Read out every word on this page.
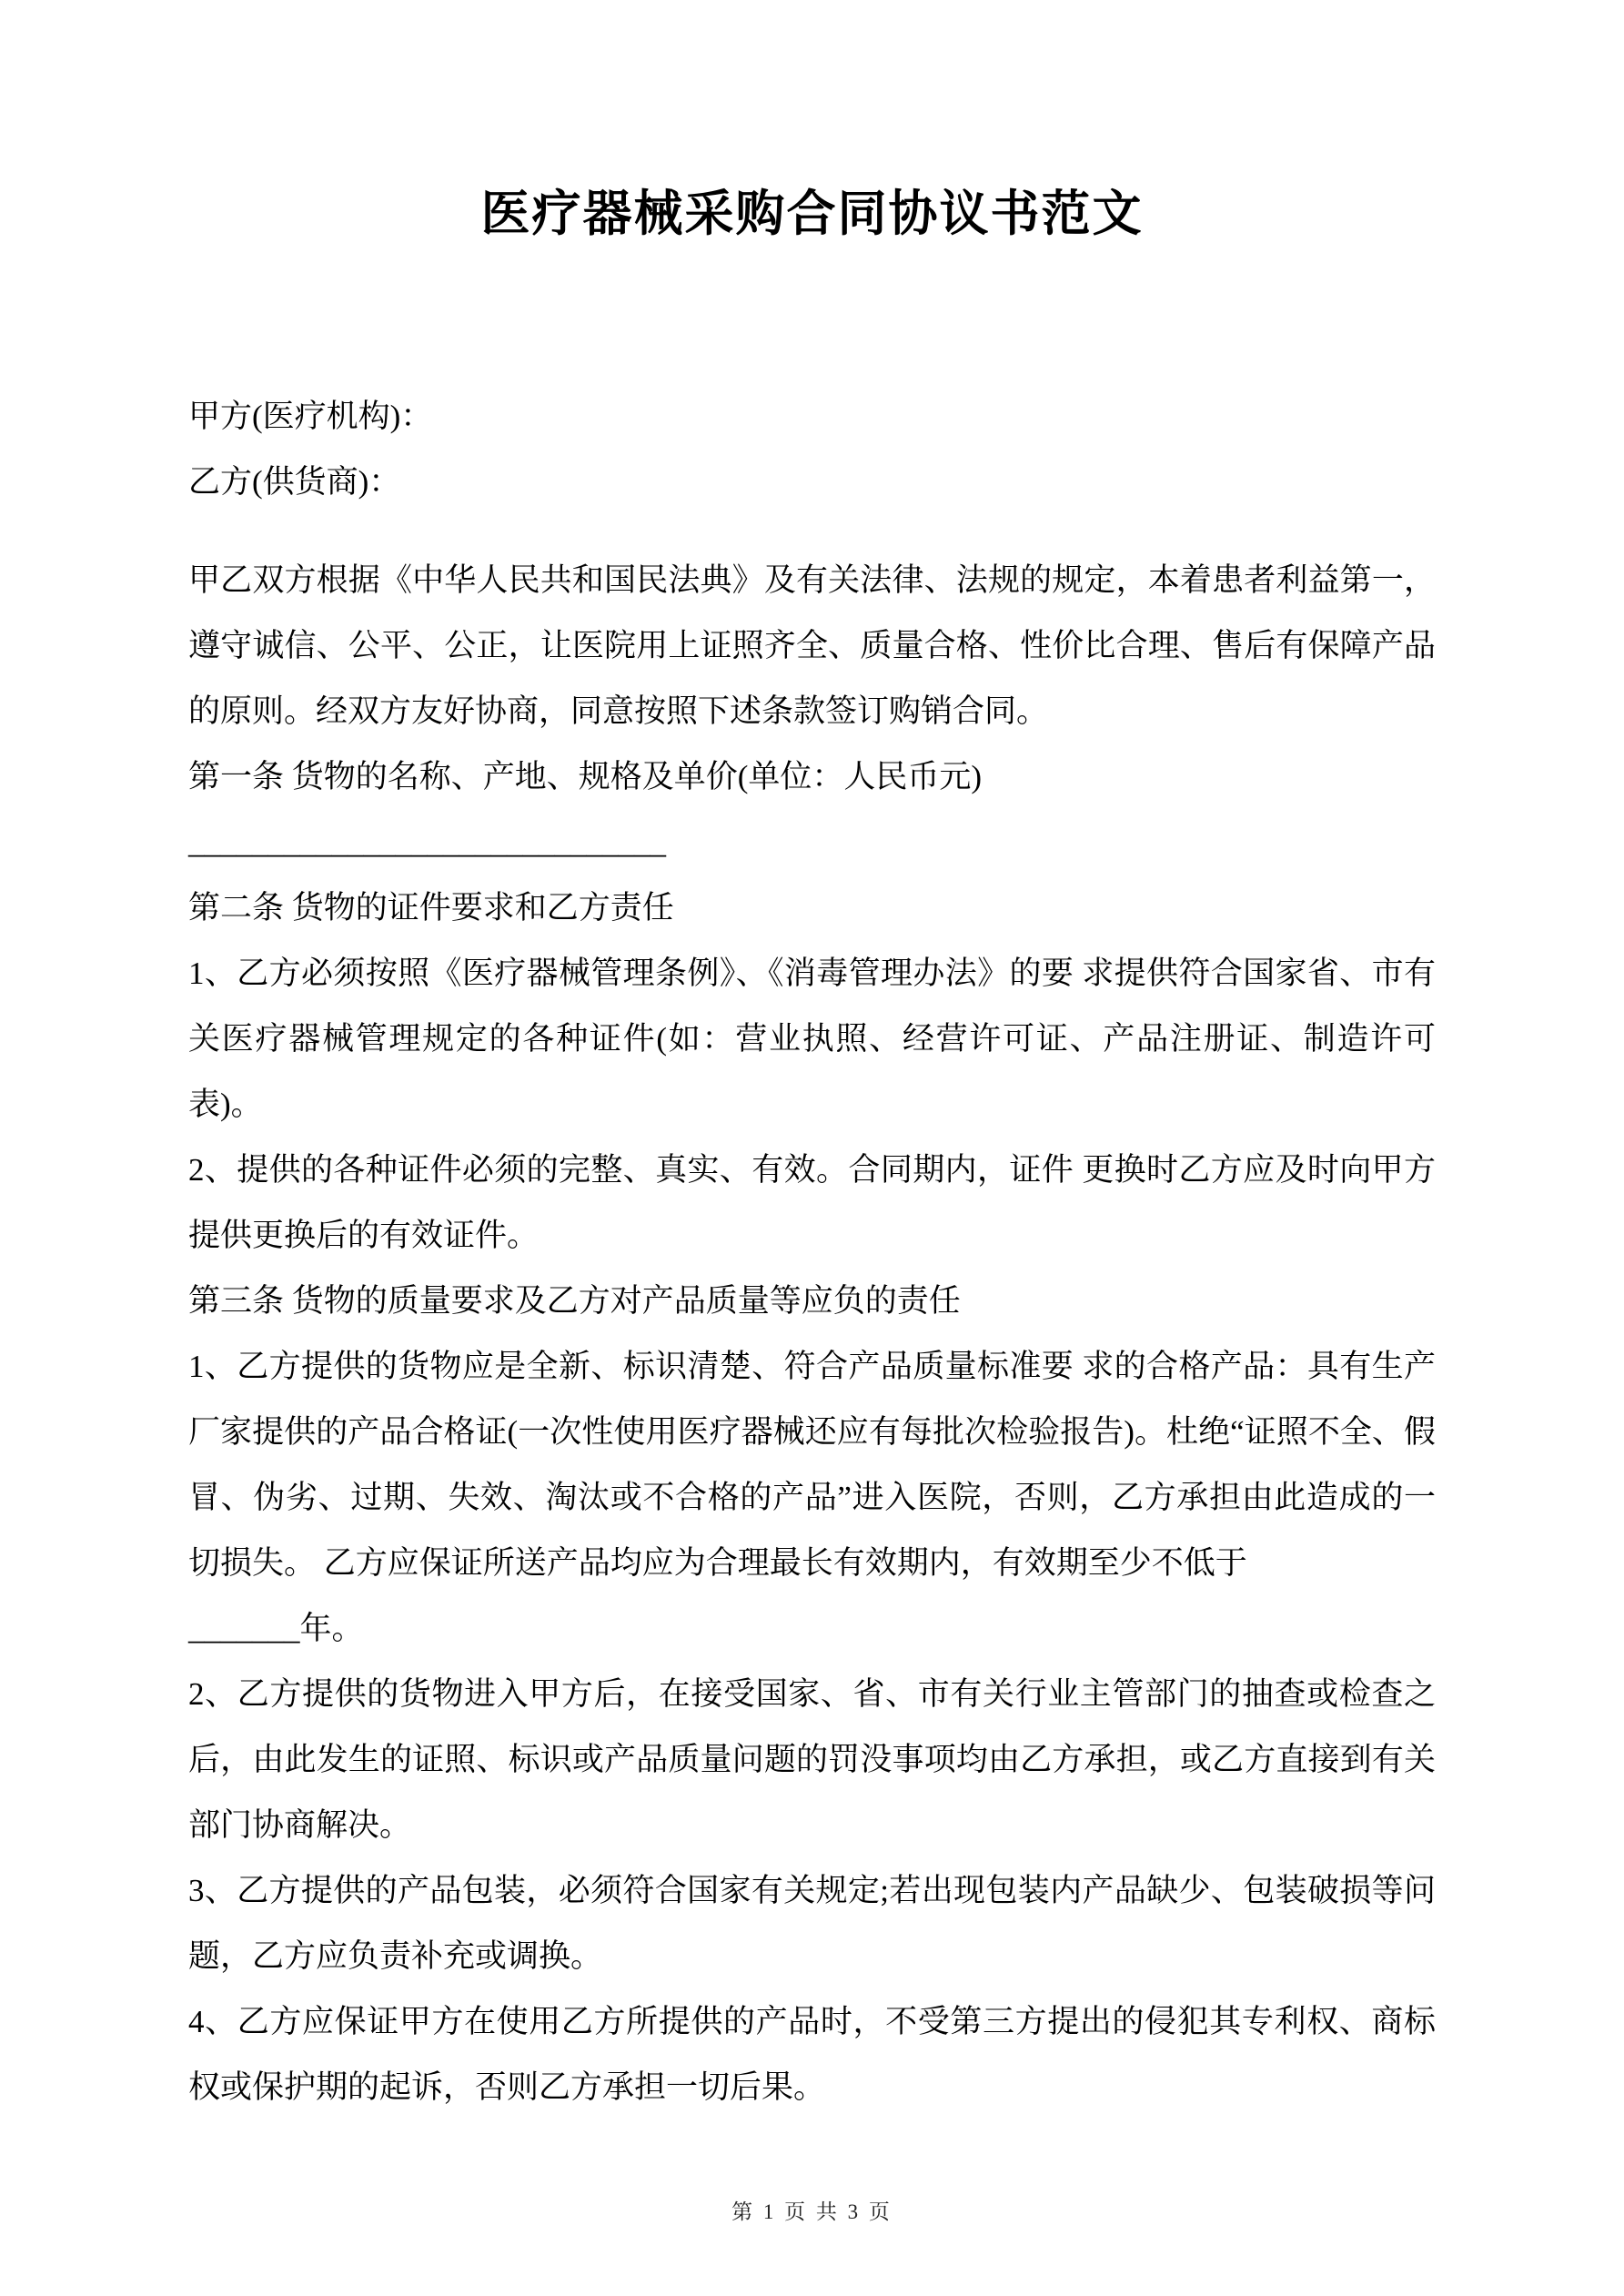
医疗器械采购合同协议书范文

甲方(医疗机构)：

乙方(供货商)：

甲乙双方根据《中华人民共和国民法典》及有关法律、法规的规定，本着患者利益第一，遵守诚信、公平、公正，让医院用上证照齐全、质量合格、性价比合理、售后有保障产品的原则。经双方友好协商，同意按照下述条款签订购销合同。

第一条 货物的名称、产地、规格及单价(单位：人民币元)

______________________________

第二条 货物的证件要求和乙方责任

1、乙方必须按照《医疗器械管理条例》、《消毒管理办法》的要 求提供符合国家省、市有关医疗器械管理规定的各种证件(如：营业执照、经营许可证、产品注册证、制造许可表)。

2、提供的各种证件必须的完整、真实、有效。合同期内，证件 更换时乙方应及时向甲方提供更换后的有效证件。

第三条 货物的质量要求及乙方对产品质量等应负的责任

1、乙方提供的货物应是全新、标识清楚、符合产品质量标准要 求的合格产品：具有生产厂家提供的产品合格证(一次性使用医疗器械还应有每批次检验报告)。杜绝“证照不全、假冒、伪劣、过期、失效、淘汰或不合格的产品”进入医院，否则，乙方承担由此造成的一切损失。 乙方应保证所送产品均应为合理最长有效期内，有效期至少不低于

_______年。

2、乙方提供的货物进入甲方后，在接受国家、省、市有关行业主管部门的抽查或检查之后，由此发生的证照、标识或产品质量问题的罚没事项均由乙方承担，或乙方直接到有关部门协商解决。

3、乙方提供的产品包装，必须符合国家有关规定;若出现包装内产品缺少、包装破损等问题，乙方应负责补充或调换。

4、乙方应保证甲方在使用乙方所提供的产品时，不受第三方提出的侵犯其专利权、商标权或保护期的起诉，否则乙方承担一切后果。

第 1 页 共 3 页
